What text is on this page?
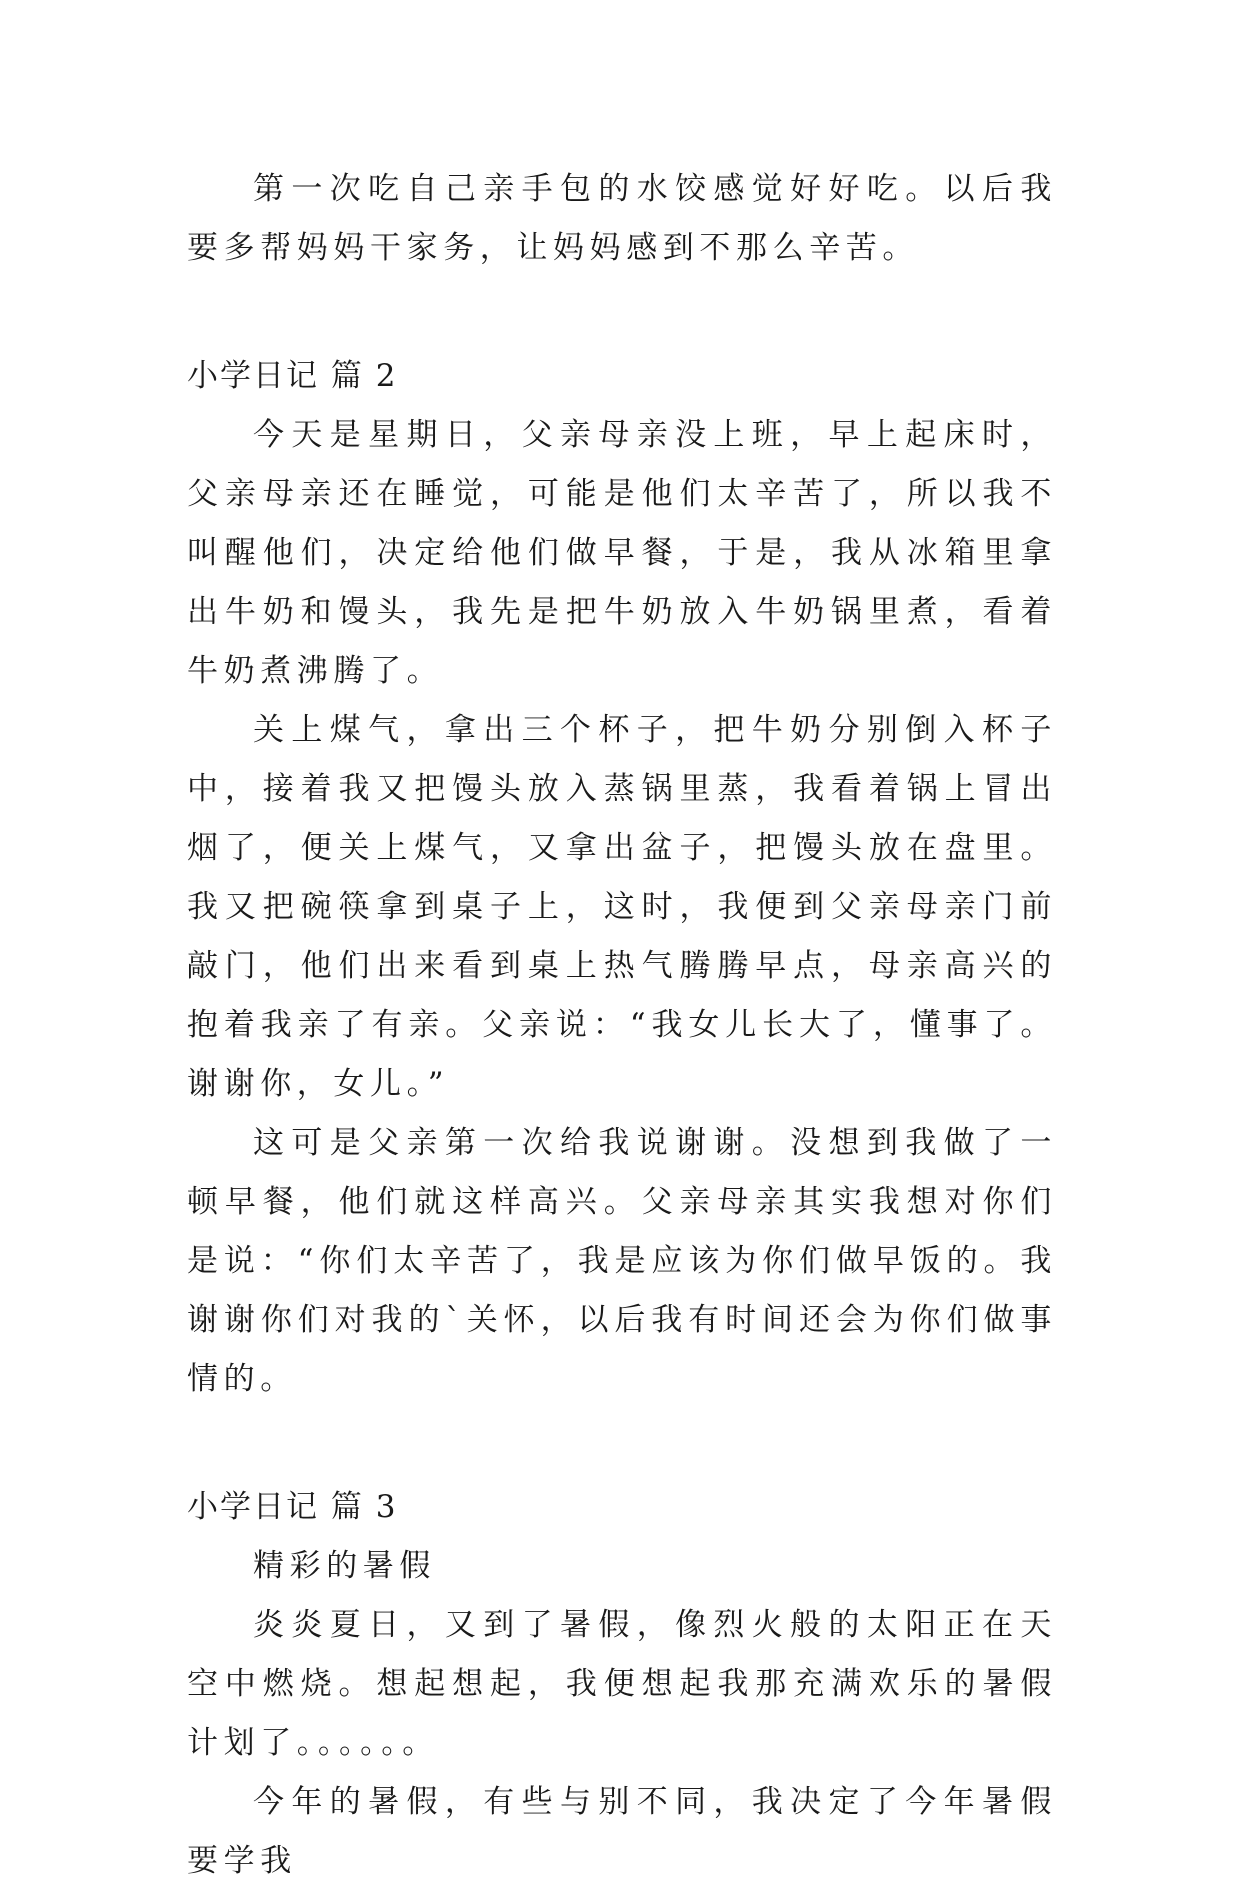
第一次吃自己亲手包的水饺感觉好好吃。以后我要多帮妈妈干家务，让妈妈感到不那么辛苦。

小学日记 篇 2

今天是星期日，父亲母亲没上班，早上起床时，父亲母亲还在睡觉，可能是他们太辛苦了，所以我不叫醒他们，决定给他们做早餐，于是，我从冰箱里拿出牛奶和馒头，我先是把牛奶放入牛奶锅里煮，看着牛奶煮沸腾了。

关上煤气，拿出三个杯子，把牛奶分别倒入杯子中，接着我又把馒头放入蒸锅里蒸，我看着锅上冒出烟了，便关上煤气，又拿出盆子，把馒头放在盘里。我又把碗筷拿到桌子上，这时，我便到父亲母亲门前敲门，他们出来看到桌上热气腾腾早点，母亲高兴的抱着我亲了有亲。父亲说：“我女儿长大了，懂事了。谢谢你，女儿。”

这可是父亲第一次给我说谢谢。没想到我做了一顿早餐，他们就这样高兴。父亲母亲其实我想对你们是说：“你们太辛苦了，我是应该为你们做早饭的。我谢谢你们对我的`关怀，以后我有时间还会为你们做事情的。

小学日记 篇 3

精彩的暑假

炎炎夏日，又到了暑假，像烈火般的太阳正在天空中燃烧。想起想起，我便想起我那充满欢乐的暑假计划了。。。。。。

今年的暑假，有些与别不同，我决定了今年暑假要学我
